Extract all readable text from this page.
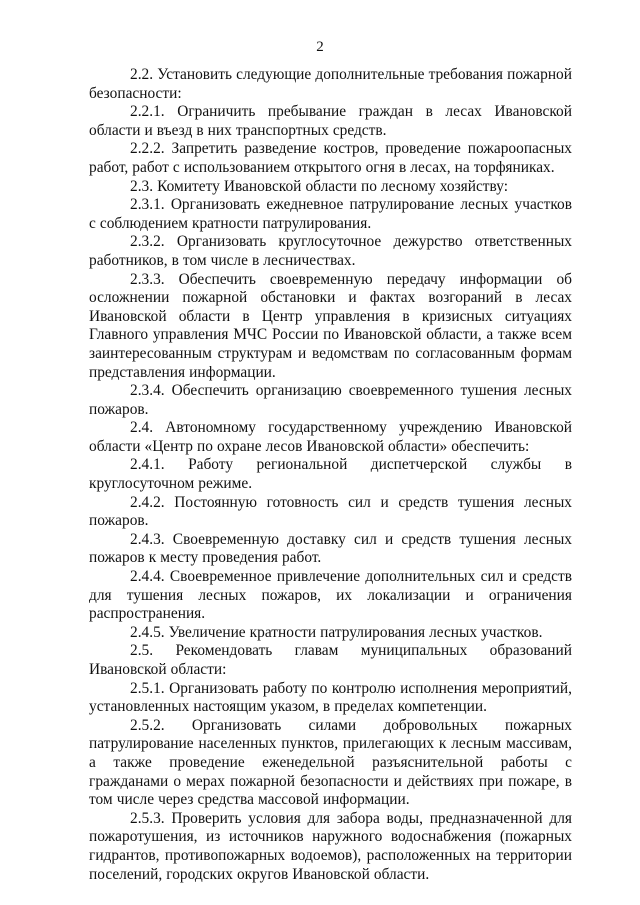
2

2.2. Установить следующие дополнительные требования пожарной безопасности:

2.2.1. Ограничить пребывание граждан в лесах Ивановской области и въезд в них транспортных средств.

2.2.2. Запретить разведение костров, проведение пожароопасных работ, работ с использованием открытого огня в лесах, на торфяниках.

2.3. Комитету Ивановской области по лесному хозяйству:

2.3.1. Организовать ежедневное патрулирование лесных участков с соблюдением кратности патрулирования.

2.3.2. Организовать круглосуточное дежурство ответственных работников, в том числе в лесничествах.

2.3.3. Обеспечить своевременную передачу информации об осложнении пожарной обстановки и фактах возгораний в лесах Ивановской области в Центр управления в кризисных ситуациях Главного управления МЧС России по Ивановской области, а также всем заинтересованным структурам и ведомствам по согласованным формам представления информации.

2.3.4. Обеспечить организацию своевременного тушения лесных пожаров.

2.4. Автономному государственному учреждению Ивановской области «Центр по охране лесов Ивановской области» обеспечить:

2.4.1. Работу региональной диспетчерской службы в круглосуточном режиме.

2.4.2. Постоянную готовность сил и средств тушения лесных пожаров.

2.4.3. Своевременную доставку сил и средств тушения лесных пожаров к месту проведения работ.

2.4.4. Своевременное привлечение дополнительных сил и средств для тушения лесных пожаров, их локализации и ограничения распространения.

2.4.5. Увеличение кратности патрулирования лесных участков.

2.5. Рекомендовать главам муниципальных образований Ивановской области:

2.5.1. Организовать работу по контролю исполнения мероприятий, установленных настоящим указом, в пределах компетенции.

2.5.2. Организовать силами добровольных пожарных патрулирование населенных пунктов, прилегающих к лесным массивам, а также проведение еженедельной разъяснительной работы с гражданами о мерах пожарной безопасности и действиях при пожаре, в том числе через средства массовой информации.

2.5.3. Проверить условия для забора воды, предназначенной для пожаротушения, из источников наружного водоснабжения (пожарных гидрантов, противопожарных водоемов), расположенных на территории поселений, городских округов Ивановской области.
